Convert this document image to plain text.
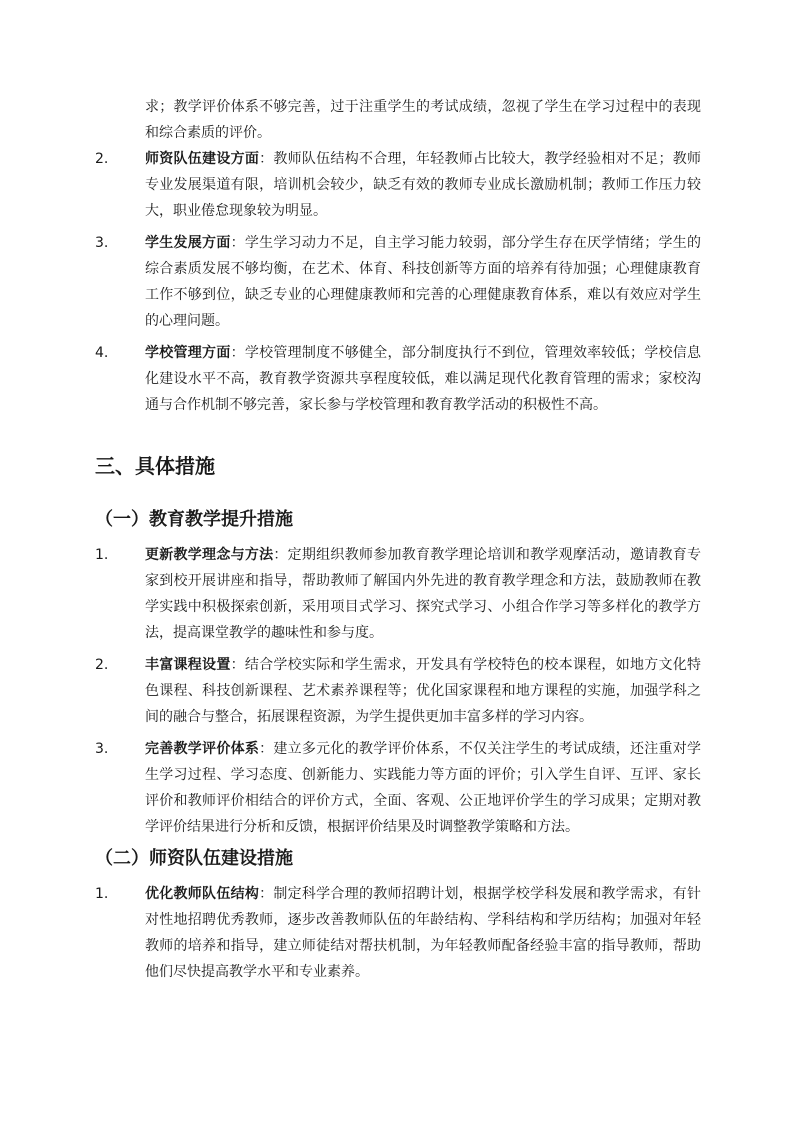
求；教学评价体系不够完善，过于注重学生的考试成绩，忽视了学生在学习过程中的表现和综合素质的评价。

2.	师资队伍建设方面：教师队伍结构不合理，年轻教师占比较大，教学经验相对不足；教师专业发展渠道有限，培训机会较少，缺乏有效的教师专业成长激励机制；教师工作压力较大，职业倦怠现象较为明显。
3.	学生发展方面：学生学习动力不足，自主学习能力较弱，部分学生存在厌学情绪；学生的综合素质发展不够均衡，在艺术、体育、科技创新等方面的培养有待加强；心理健康教育工作不够到位，缺乏专业的心理健康教师和完善的心理健康教育体系，难以有效应对学生的心理问题。
4.	学校管理方面：学校管理制度不够健全，部分制度执行不到位，管理效率较低；学校信息化建设水平不高，教育教学资源共享程度较低，难以满足现代化教育管理的需求；家校沟通与合作机制不够完善，家长参与学校管理和教育教学活动的积极性不高。
三、具体措施
（一）教育教学提升措施
1.	更新教学理念与方法：定期组织教师参加教育教学理论培训和教学观摩活动，邀请教育专家到校开展讲座和指导，帮助教师了解国内外先进的教育教学理念和方法，鼓励教师在教学实践中积极探索创新，采用项目式学习、探究式学习、小组合作学习等多样化的教学方法，提高课堂教学的趣味性和参与度。
2.	丰富课程设置：结合学校实际和学生需求，开发具有学校特色的校本课程，如地方文化特色课程、科技创新课程、艺术素养课程等；优化国家课程和地方课程的实施，加强学科之间的融合与整合，拓展课程资源，为学生提供更加丰富多样的学习内容。
3.	完善教学评价体系：建立多元化的教学评价体系，不仅关注学生的考试成绩，还注重对学生学习过程、学习态度、创新能力、实践能力等方面的评价；引入学生自评、互评、家长评价和教师评价相结合的评价方式，全面、客观、公正地评价学生的学习成果；定期对教学评价结果进行分析和反馈，根据评价结果及时调整教学策略和方法。
（二）师资队伍建设措施
1.	优化教师队伍结构：制定科学合理的教师招聘计划，根据学校学科发展和教学需求，有针对性地招聘优秀教师，逐步改善教师队伍的年龄结构、学科结构和学历结构；加强对年轻教师的培养和指导，建立师徒结对帮扶机制，为年轻教师配备经验丰富的指导教师，帮助他们尽快提高教学水平和专业素养。
